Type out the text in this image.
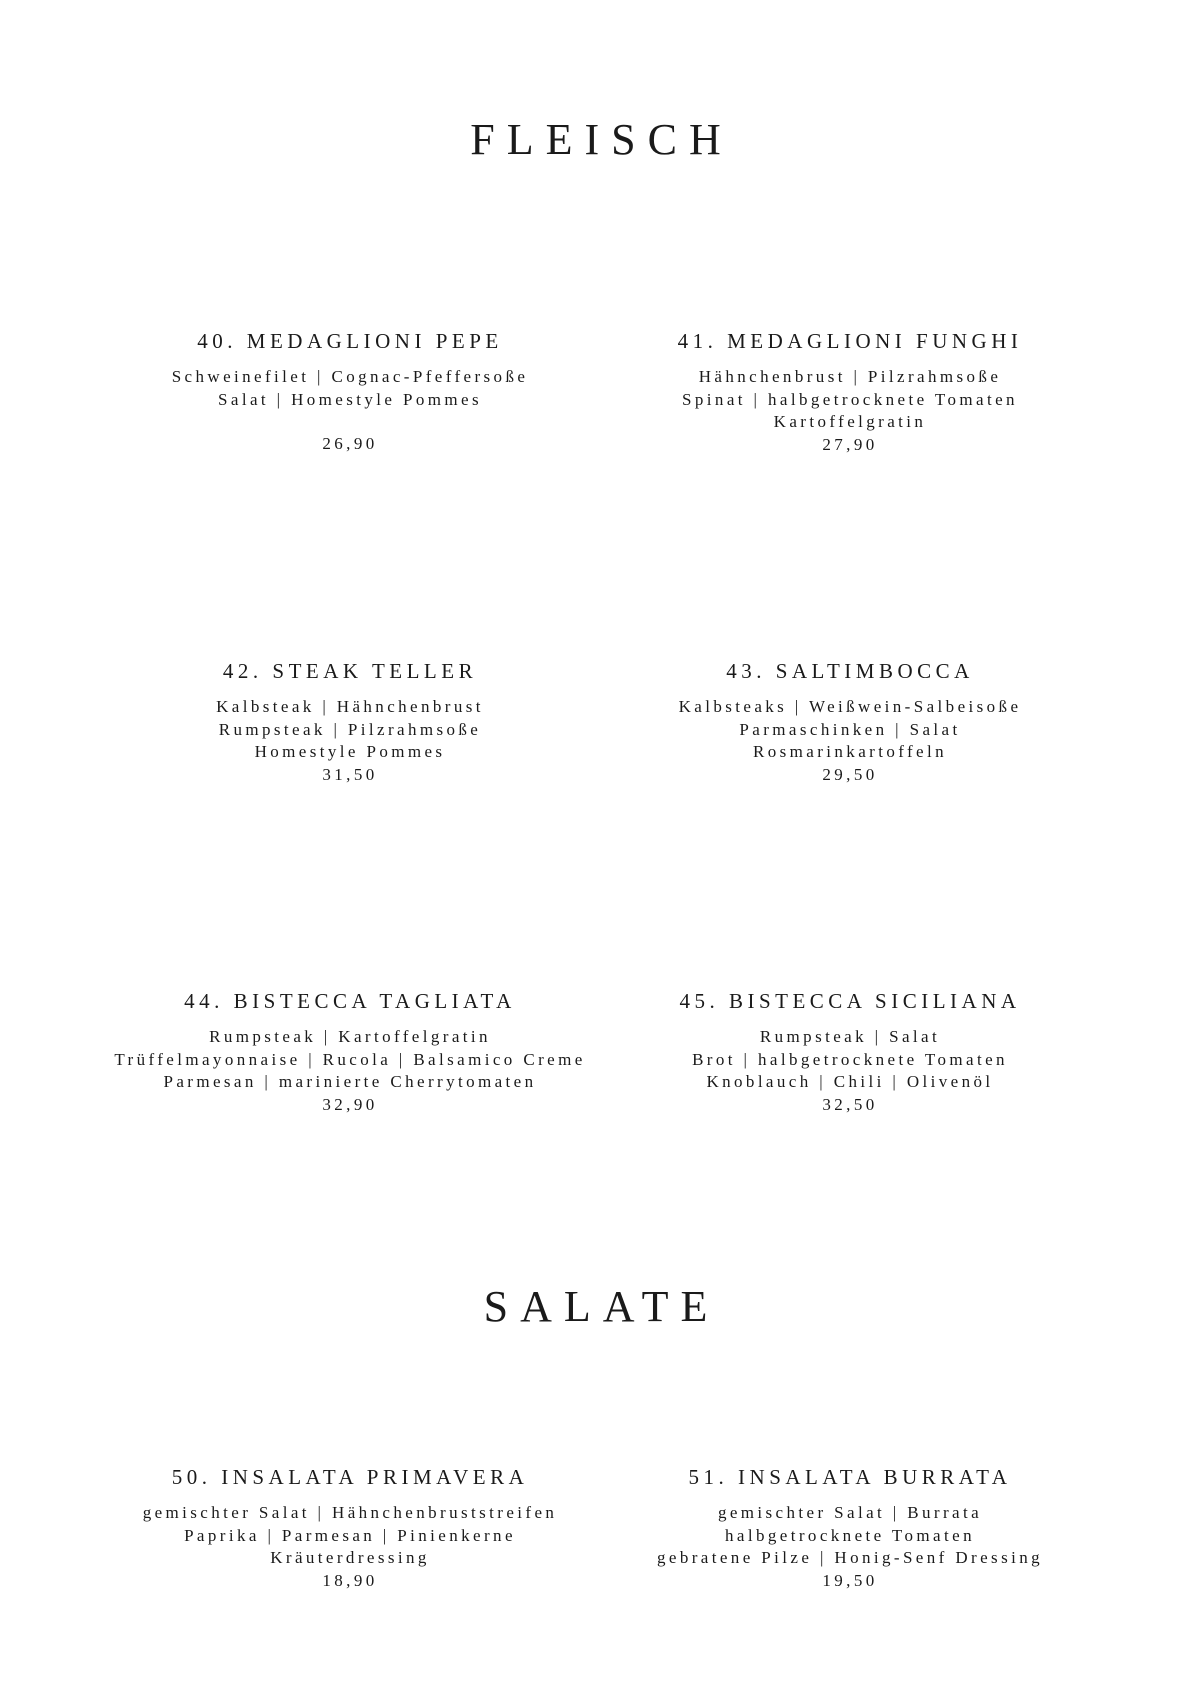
FLEISCH
40. MEDAGLIONI PEPE
Schweinefilet | Cognac-Pfeffersoße
Salat | Homestyle Pommes
26,90
41. MEDAGLIONI FUNGHI
Hähnchenbrust | Pilzrahmsoße
Spinat | halbgetrocknete Tomaten
Kartoffelgratin
27,90
42. STEAK TELLER
Kalbsteak | Hähnchenbrust
Rumpsteak | Pilzrahmsoße
Homestyle Pommes
31,50
43. SALTIMBOCCA
Kalbsteaks | Weißwein-Salbeisoße
Parmaschinken | Salat
Rosmarinkartoffeln
29,50
44. BISTECCA TAGLIATA
Rumpsteak | Kartoffelgratin
Trüffelmayonnaise | Rucola | Balsamico Creme
Parmesan | marinierte Cherrytomaten
32,90
45. BISTECCA SICILIANA
Rumpsteak | Salat
Brot | halbgetrocknete Tomaten
Knoblauch | Chili | Olivenöl
32,50
SALATE
50. INSALATA PRIMAVERA
gemischter Salat | Hähnchenbruststreifen
Paprika | Parmesan | Pinienkerne
Kräuterdressing
18,90
51. INSALATA BURRATA
gemischter Salat | Burrata
halbgetrocknete Tomaten
gebratene Pilze | Honig-Senf Dressing
19,50
